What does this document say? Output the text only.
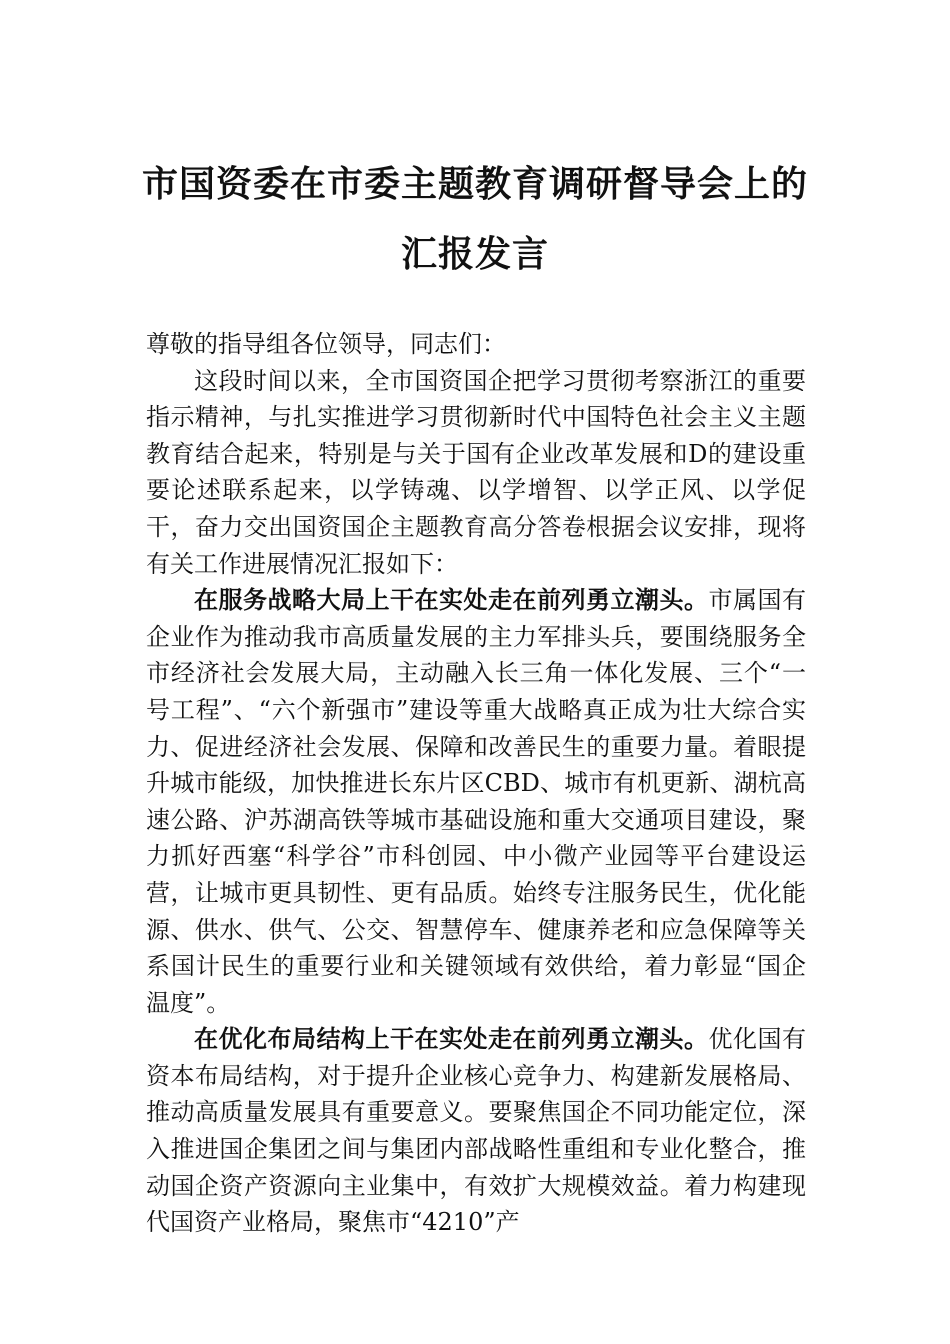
市国资委在市委主题教育调研督导会上的
汇报发言

尊敬的指导组各位领导，同志们：

这段时间以来，全市国资国企把学习贯彻考察浙江的重要指示精神，与扎实推进学习贯彻新时代中国特色社会主义主题教育结合起来，特别是与关于国有企业改革发展和D的建设重要论述联系起来，以学铸魂、以学增智、以学正风、以学促干，奋力交出国资国企主题教育高分答卷根据会议安排，现将有关工作进展情况汇报如下：

在服务战略大局上干在实处走在前列勇立潮头。市属国有企业作为推动我市高质量发展的主力军排头兵，要围绕服务全市经济社会发展大局，主动融入长三角一体化发展、三个“一号工程”、“六个新强市”建设等重大战略真正成为壮大综合实力、促进经济社会发展、保障和改善民生的重要力量。着眼提升城市能级，加快推进长东片区CBD、城市有机更新、湖杭高速公路、沪苏湖高铁等城市基础设施和重大交通项目建设，聚力抓好西塞“科学谷”市科创园、中小微产业园等平台建设运营，让城市更具韧性、更有品质。始终专注服务民生，优化能源、供水、供气、公交、智慧停车、健康养老和应急保障等关系国计民生的重要行业和关键领域有效供给，着力彰显“国企温度”。

在优化布局结构上干在实处走在前列勇立潮头。优化国有资本布局结构，对于提升企业核心竞争力、构建新发展格局、推动高质量发展具有重要意义。要聚焦国企不同功能定位，深入推进国企集团之间与集团内部战略性重组和专业化整合，推动国企资产资源向主业集中，有效扩大规模效益。着力构建现代国资产业格局，聚焦市“4210”产
